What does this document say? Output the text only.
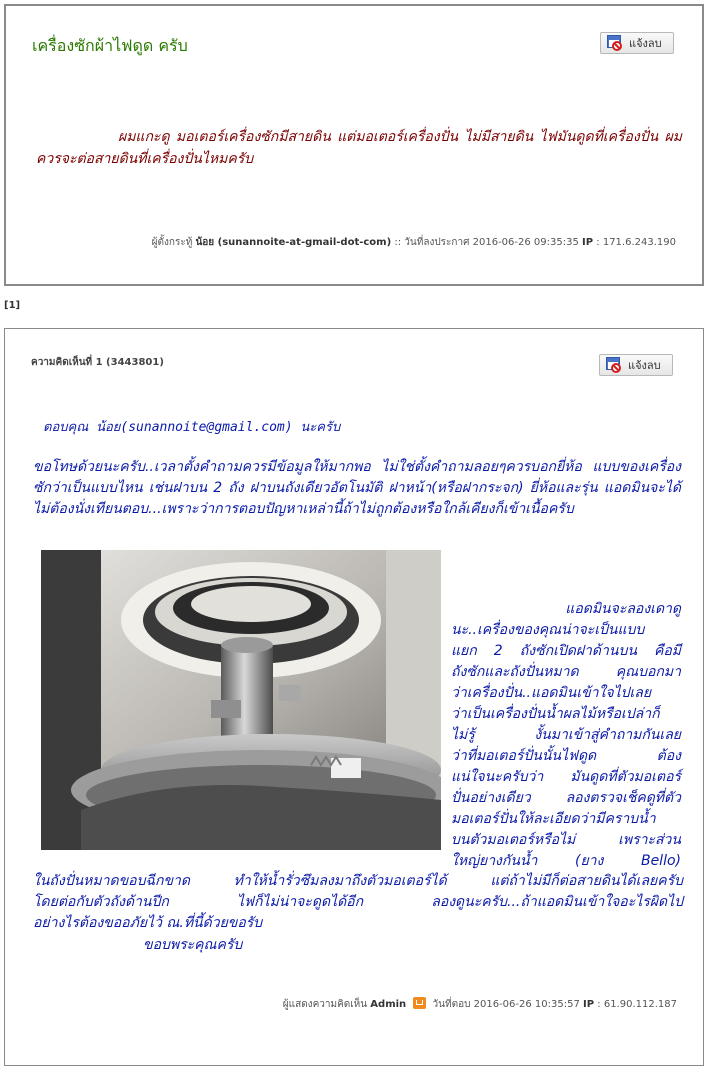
เครื่องซักผ้าไฟดูด ครับ	แจ้งลบ
ผมแกะดู มอเตอร์เครื่องซักมีสายดิน แต่มอเตอร์เครื่องปั่น ไม่มีสายดิน ไฟมันดูดที่เครื่องปั่น ผมควรจะต่อสายดินที่เครื่องปั่นไหมครับ
ผู้ตั้งกระทู้ น้อย (sunannoite-at-gmail-dot-com) :: วันที่ลงประกาศ 2016-06-26 09:35:35 IP : 171.6.243.190
[1]
ความคิดเห็นที่ 1 (3443801)	แจ้งลบ
ตอบคุณ น้อย(sunannoite@gmail.com) นะครับ
ขอโทษด้วยนะครับ..เวลาตั้งคำถามควรมีข้อมูลให้มากพอ ไม่ใช่ตั้งคำถามลอยๆควรบอกยี่ห้อ แบบของเครื่องซักว่าเป็นแบบไหน เช่นฝาบน 2 ถัง ฝาบนถังเดียวอัตโนมัติ ฝาหน้า(หรือฝากระจก) ยี่ห้อและรุ่น แอดมินจะได้ไม่ต้องนั่งเทียนตอบ...เพราะว่าการตอบปัญหาเหล่านี้ถ้าไม่ถูกต้องหรือใกล้เคียงก็เข้าเนื้อครับ
แอดมินจะลองเดาดู
นะ..เครื่องของคุณน่าจะเป็นแบบ
แยก 2 ถังซักเปิดฝาด้านบน คือมี
ถังซักและถังปั่นหมาด คุณบอกมา
ว่าเครื่องปั่น..แอดมินเข้าใจไปเลย
ว่าเป็นเครื่องปั่นน้ำผลไม้หรือเปล่าก็
ไม่รู้ งั้นมาเข้าสู่คำถามกันเลย
ว่าที่มอเตอร์ปั่นนั้นไฟดูด ต้อง
แน่ใจนะครับว่า มันดูดที่ตัวมอเตอร์
ปั่นอย่างเดียว ลองตรวจเช็คดูที่ตัว
มอเตอร์ปั่นให้ละเอียดว่ามีคราบน้ำ
บนตัวมอเตอร์หรือไม่ เพราะส่วน
ใหญ่ยางกันน้ำ (ยาง Bello)
ในถังปั่นหมาดขอบฉีกขาด ทำให้น้ำรั่วซึมลงมาถึงตัวมอเตอร์ได้ แต่ถ้าไม่มีก็ต่อสายดินได้เลยครับ
โดยต่อกับตัวถังด้านปีก ไฟก็ไม่น่าจะดูดได้อีก ลองดูนะครับ...ถ้าแอดมินเข้าใจอะไรผิดไป
อย่างไรต้องขออภัยไว้ ณ.ที่นี้ด้วยขอรับ
ขอบพระคุณครับ
ผู้แสดงความคิดเห็น Admin	วันที่ตอบ 2016-06-26 10:35:57 IP : 61.90.112.187
